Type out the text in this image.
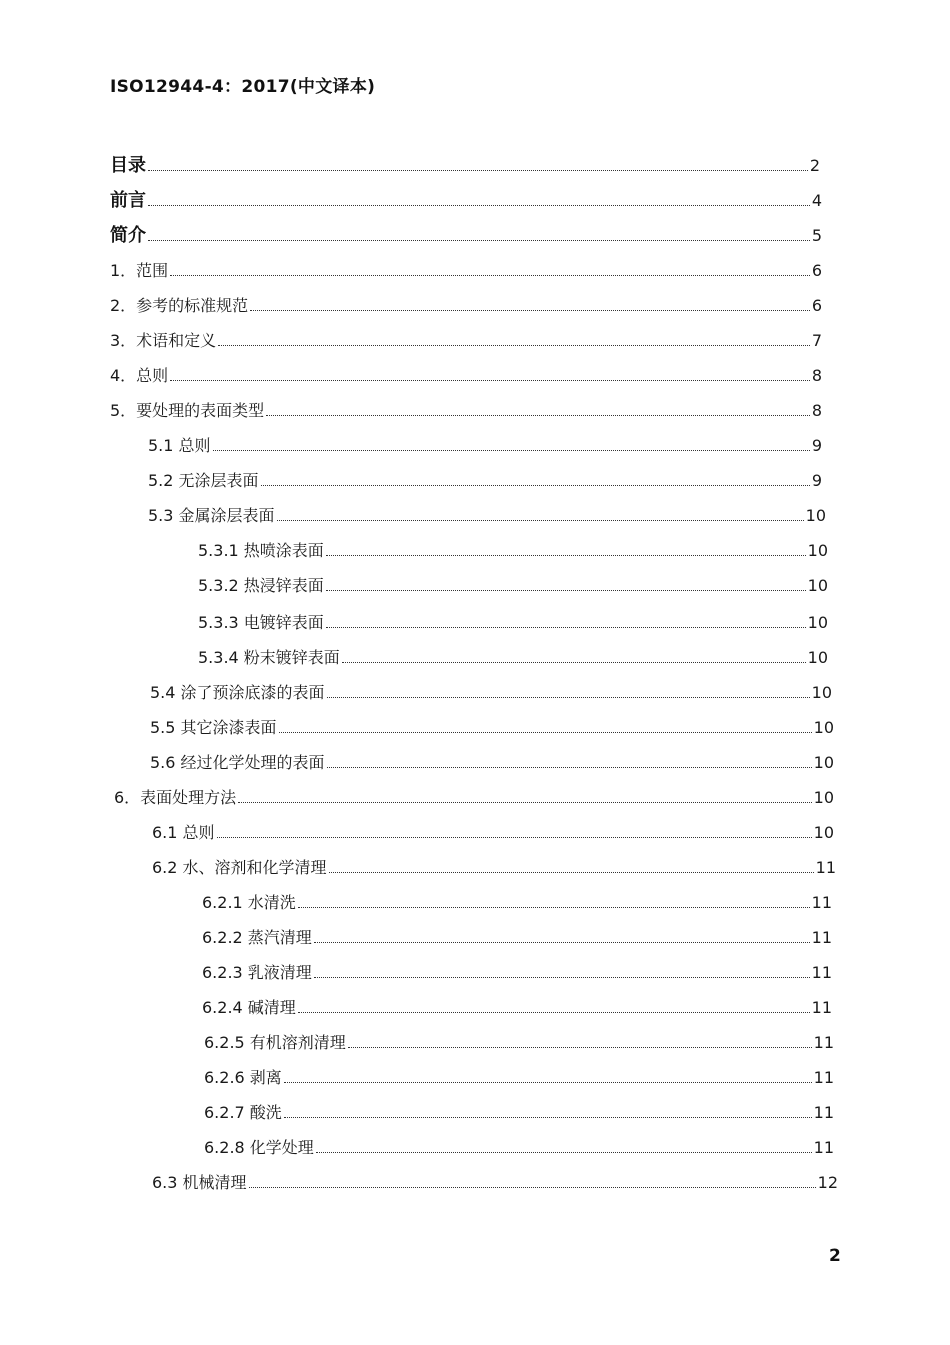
ISO12944-4：2017(中文译本)
目录	2
前言	4
简介	5
1．范围	6
2．参考的标准规范	6
3．术语和定义	7
4．总则	8
5．要处理的表面类型	8
5.1 总则	9
5.2 无涂层表面	9
5.3 金属涂层表面	10
5.3.1 热喷涂表面	10
5.3.2 热浸锌表面	10
5.3.3 电镀锌表面	10
5.3.4 粉末镀锌表面	10
5.4 涂了预涂底漆的表面	10
5.5 其它涂漆表面	10
5.6 经过化学处理的表面	10
6．表面处理方法	10
6.1 总则	10
6.2 水、溶剂和化学清理	11
6.2.1 水清洗	11
6.2.2 蒸汽清理	11
6.2.3 乳液清理	11
6.2.4 碱清理	11
6.2.5 有机溶剂清理	11
6.2.6 剥离	11
6.2.7 酸洗	11
6.2.8 化学处理	11
6.3 机械清理	12
2
